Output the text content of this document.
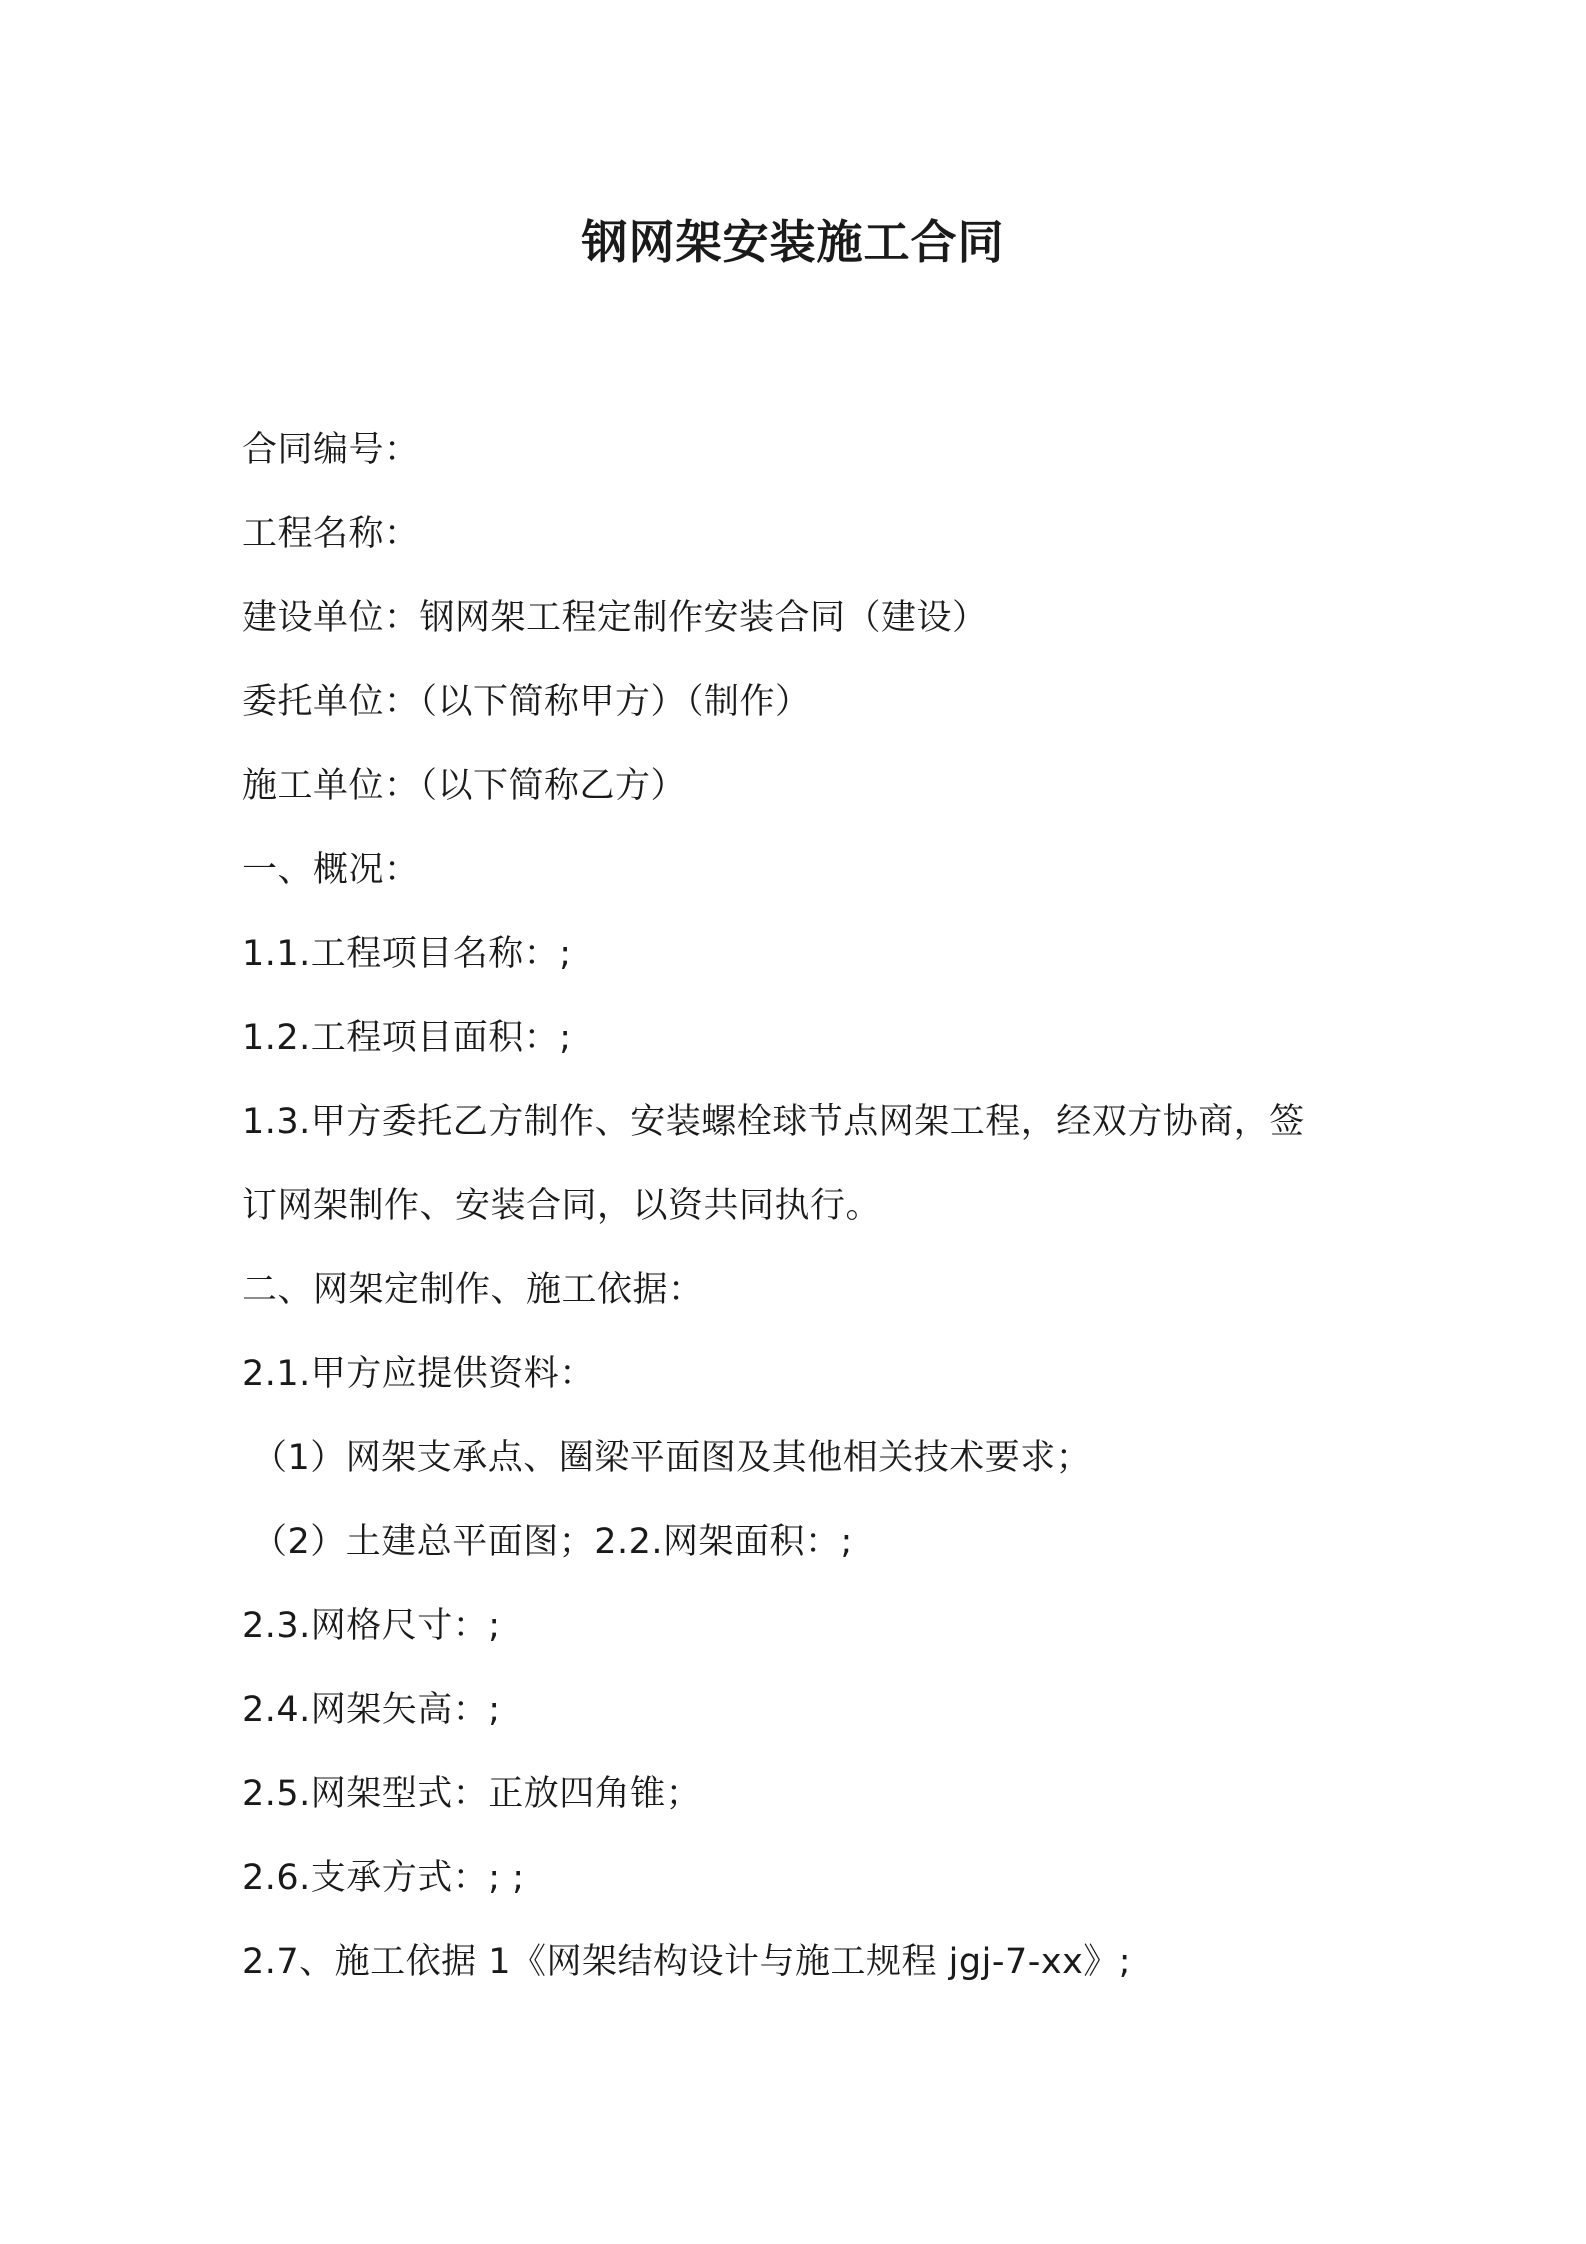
钢网架安装施工合同
合同编号：
工程名称：
建设单位：钢网架工程定制作安装合同（建设）
委托单位：（以下简称甲方）（制作）
施工单位：（以下简称乙方）
一、概况：
1.1.工程项目名称：;
1.2.工程项目面积：;
1.3.甲方委托乙方制作、安装螺栓球节点网架工程，经双方协商，签
订网架制作、安装合同，以资共同执行。
二、网架定制作、施工依据：
2.1.甲方应提供资料：
（1）网架支承点、圈梁平面图及其他相关技术要求；
（2）土建总平面图；2.2.网架面积：;
2.3.网格尺寸：;
2.4.网架矢高：;
2.5.网架型式：正放四角锥；
2.6.支承方式：; ;
2.7、施工依据 1《网架结构设计与施工规程 jgj-7-xx》;
